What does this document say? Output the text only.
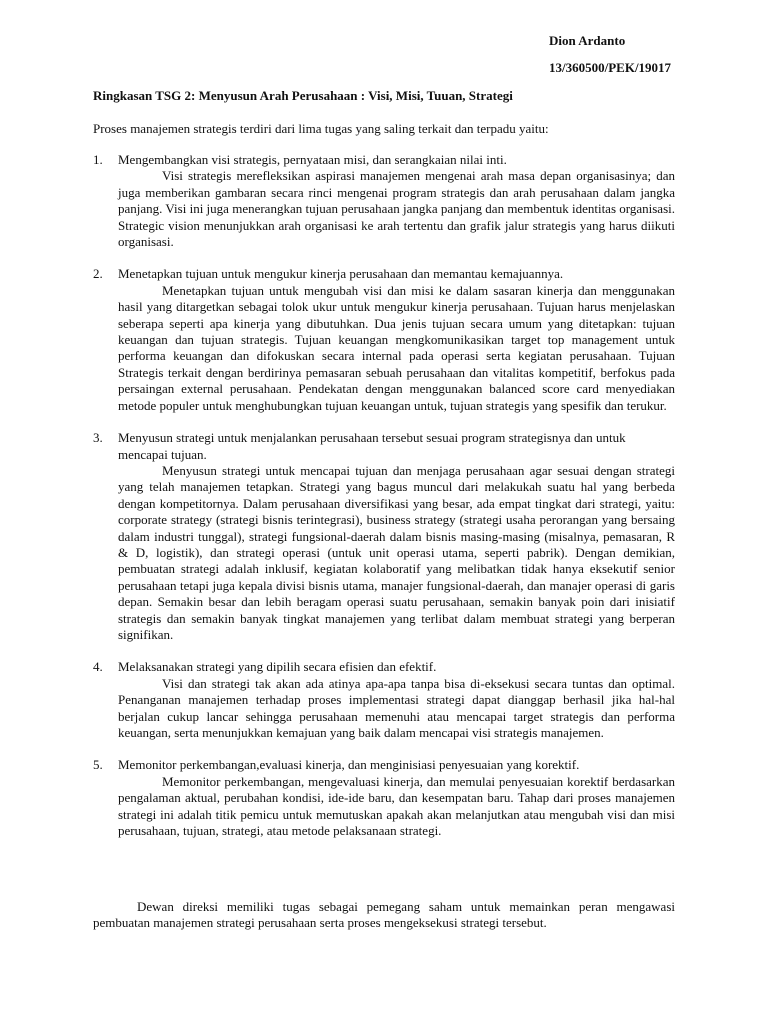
Dion Ardanto
13/360500/PEK/19017
Ringkasan TSG 2: Menyusun Arah Perusahaan : Visi, Misi, Tuuan, Strategi
Proses manajemen strategis terdiri dari lima tugas yang saling terkait dan terpadu yaitu:
1. Mengembangkan visi strategis, pernyataan misi, dan serangkaian nilai inti.
Visi strategis merefleksikan aspirasi manajemen mengenai arah masa depan organisasinya; dan juga memberikan gambaran secara rinci mengenai program strategis dan arah perusahaan dalam jangka panjang. Visi ini juga menerangkan tujuan perusahaan jangka panjang dan membentuk identitas organisasi. Strategic vision menunjukkan arah organisasi ke arah tertentu dan grafik jalur strategis yang harus diikuti organisasi.
2. Menetapkan tujuan untuk mengukur kinerja perusahaan dan memantau kemajuannya.
Menetapkan tujuan untuk mengubah visi dan misi ke dalam sasaran kinerja dan menggunakan hasil yang ditargetkan sebagai tolok ukur untuk mengukur kinerja perusahaan. Tujuan harus menjelaskan seberapa seperti apa kinerja yang dibutuhkan. Dua jenis tujuan secara umum yang ditetapkan: tujuan keuangan dan tujuan strategis. Tujuan keuangan mengkomunikasikan target top management untuk performa keuangan dan difokuskan secara internal pada operasi serta kegiatan perusahaan. Tujuan Strategis terkait dengan berdirinya pemasaran sebuah perusahaan dan vitalitas kompetitif, berfokus pada persaingan external perusahaan. Pendekatan dengan menggunakan balanced score card menyediakan metode populer untuk menghubungkan tujuan keuangan untuk, tujuan strategis yang spesifik dan terukur.
3. Menyusun strategi untuk menjalankan perusahaan tersebut sesuai program strategisnya dan untuk mencapai tujuan.
Menyusun strategi untuk mencapai tujuan dan menjaga perusahaan agar sesuai dengan strategi yang telah manajemen tetapkan. Strategi yang bagus muncul dari melakukah suatu hal yang berbeda dengan kompetitornya. Dalam perusahaan diversifikasi yang besar, ada empat tingkat dari strategi, yaitu: corporate strategy (strategi bisnis terintegrasi), business strategy (strategi usaha perorangan yang bersaing dalam industri tunggal), strategi fungsional-daerah dalam bisnis masing-masing (misalnya, pemasaran, R & D, logistik), dan strategi operasi (untuk unit operasi utama, seperti pabrik). Dengan demikian, pembuatan strategi adalah inklusif, kegiatan kolaboratif yang melibatkan tidak hanya eksekutif senior perusahaan tetapi juga kepala divisi bisnis utama, manajer fungsional-daerah, dan manajer operasi di garis depan. Semakin besar dan lebih beragam operasi suatu perusahaan, semakin banyak poin dari inisiatif strategis dan semakin banyak tingkat manajemen yang terlibat dalam membuat strategi yang berperan signifikan.
4. Melaksanakan strategi yang dipilih secara efisien dan efektif.
Visi dan strategi tak akan ada atinya apa-apa tanpa bisa di-eksekusi secara tuntas dan optimal. Penanganan manajemen terhadap proses implementasi strategi dapat dianggap berhasil jika hal-hal berjalan cukup lancar sehingga perusahaan memenuhi atau mencapai target strategis dan performa keuangan, serta menunjukkan kemajuan yang baik dalam mencapai visi strategis manajemen.
5. Memonitor perkembangan,evaluasi kinerja, dan menginisiasi penyesuaian yang korektif.
Memonitor perkembangan, mengevaluasi kinerja, dan memulai penyesuaian korektif berdasarkan pengalaman aktual, perubahan kondisi, ide-ide baru, dan kesempatan baru. Tahap dari proses manajemen strategi ini adalah titik pemicu untuk memutuskan apakah akan melanjutkan atau mengubah visi dan misi perusahaan, tujuan, strategi, atau metode pelaksanaan strategi.
Dewan direksi memiliki tugas sebagai pemegang saham untuk memainkan peran mengawasi pembuatan manajemen strategi perusahaan serta proses mengeksekusi strategi tersebut.
